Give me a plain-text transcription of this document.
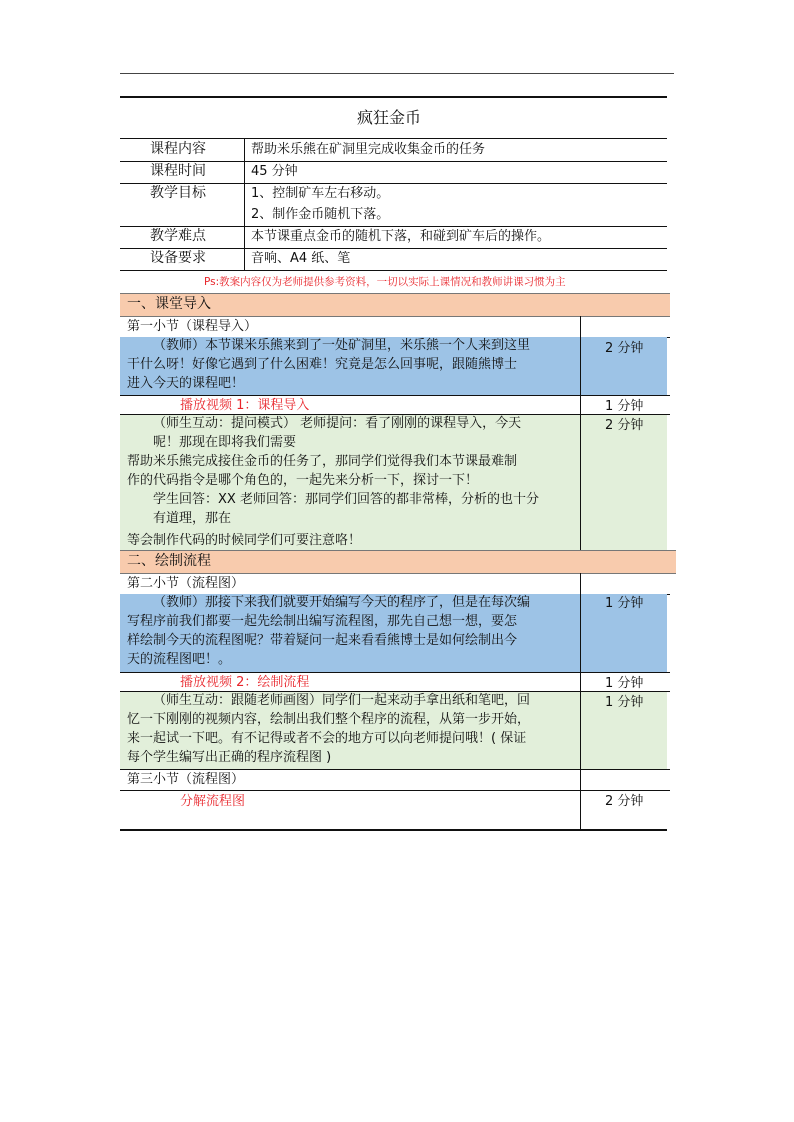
疯狂金币
课程内容	帮助米乐熊在矿洞里完成收集金币的任务
课程时间	45 分钟
教学目标	1、控制矿车左右移动。
2、制作金币随机下落。
教学难点	本节课重点金币的随机下落，和碰到矿车后的操作。
设备要求	音响、A4 纸、笔
Ps:教案内容仅为老师提供参考资料，一切以实际上课情况和教师讲课习惯为主
一、课堂导入
第一小节（课程导入）
（教师）本节课米乐熊来到了一处矿洞里，米乐熊一个人来到这里
干什么呀！好像它遇到了什么困难！究竟是怎么回事呢，跟随熊博士
进入今天的课程吧！
2 分钟
播放视频 1：课程导入	1 分钟
（师生互动：提问模式） 老师提问：看了刚刚的课程导入，今天
呢！那现在即将我们需要
帮助米乐熊完成接住金币的任务了，那同学们觉得我们本节课最难制
作的代码指令是哪个角色的，一起先来分析一下，探讨一下！
学生回答：XX 老师回答：那同学们回答的都非常棒，分析的也十分
有道理，那在
等会制作代码的时候同学们可要注意咯！
2 分钟
二、绘制流程
第二小节（流程图）
（教师）那接下来我们就要开始编写今天的程序了，但是在每次编
写程序前我们都要一起先绘制出编写流程图，那先自己想一想，要怎
样绘制今天的流程图呢？带着疑问一起来看看熊博士是如何绘制出今
天的流程图吧！。
1 分钟
播放视频 2：绘制流程	1 分钟
（师生互动：跟随老师画图）同学们一起来动手拿出纸和笔吧，回
忆一下刚刚的视频内容，绘制出我们整个程序的流程，从第一步开始，
来一起试一下吧。有不记得或者不会的地方可以向老师提问哦！( 保证
每个学生编写出正确的程序流程图 )
1 分钟
第三小节（流程图）
分解流程图	2 分钟
